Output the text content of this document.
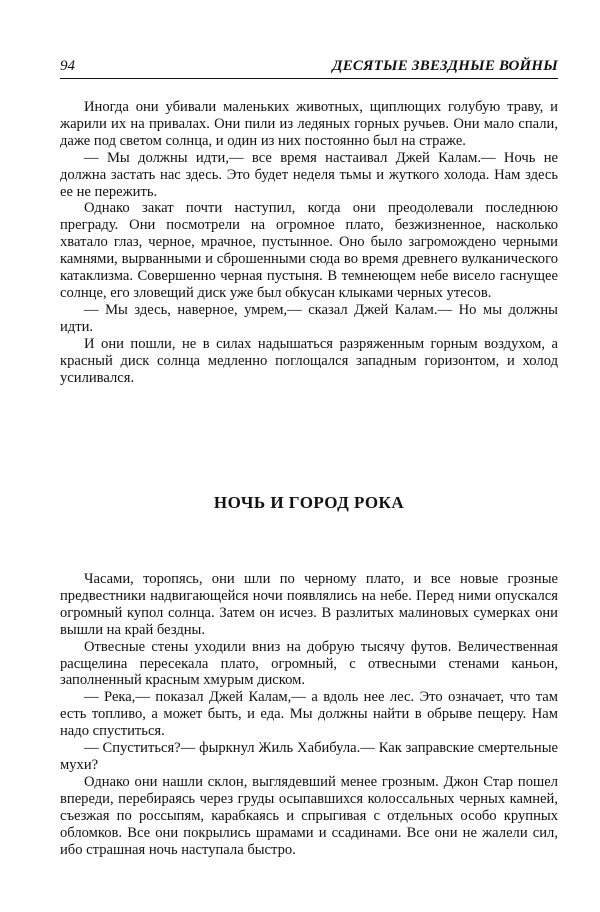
94	ДЕСЯТЫЕ ЗВЕЗДНЫЕ ВОЙНЫ

Иногда они убивали маленьких животных, щиплющих голубую траву, и жарили их на привалах. Они пили из ледяных горных ручьев. Они мало спали, даже под светом солнца, и один из них постоянно был на страже.

— Мы должны идти,— все время настаивал Джей Калам.— Ночь не должна застать нас здесь. Это будет неделя тьмы и жуткого холода. Нам здесь ее не пережить.

Однако закат почти наступил, когда они преодолевали последнюю преграду. Они посмотрели на огромное плато, безжизненное, насколько хватало глаз, черное, мрачное, пустынное. Оно было загромождено черными камнями, вырванными и сброшенными сюда во время древнего вулканического катаклизма. Совершенно черная пустыня. В темнеющем небе висело гаснущее солнце, его зловещий диск уже был обкусан клыками черных утесов.

— Мы здесь, наверное, умрем,— сказал Джей Калам.— Но мы должны идти.

И они пошли, не в силах надышаться разряженным горным воздухом, а красный диск солнца медленно поглощался западным горизонтом, и холод усиливался.

НОЧЬ И ГОРОД РОКА

Часами, торопясь, они шли по черному плато, и все новые грозные предвестники надвигающейся ночи появлялись на небе. Перед ними опускался огромный купол солнца. Затем он исчез. В разлитых малиновых сумерках они вышли на край бездны.

Отвесные стены уходили вниз на добрую тысячу футов. Величественная расщелина пересекала плато, огромный, с отвесными стенами каньон, заполненный красным хмурым диском.

— Река,— показал Джей Калам,— а вдоль нее лес. Это означает, что там есть топливо, а может быть, и еда. Мы должны найти в обрыве пещеру. Нам надо спуститься.

— Спуститься?— фыркнул Жиль Хабибула.— Как заправские смертельные мухи?

Однако они нашли склон, выглядевший менее грозным. Джон Стар пошел впереди, перебираясь через груды осыпавшихся колоссальных черных камней, съезжая по россыпям, карабкаясь и спрыгивая с отдельных особо крупных обломков. Все они покрылись шрамами и ссадинами. Все они не жалели сил, ибо страшная ночь наступала быстро.
